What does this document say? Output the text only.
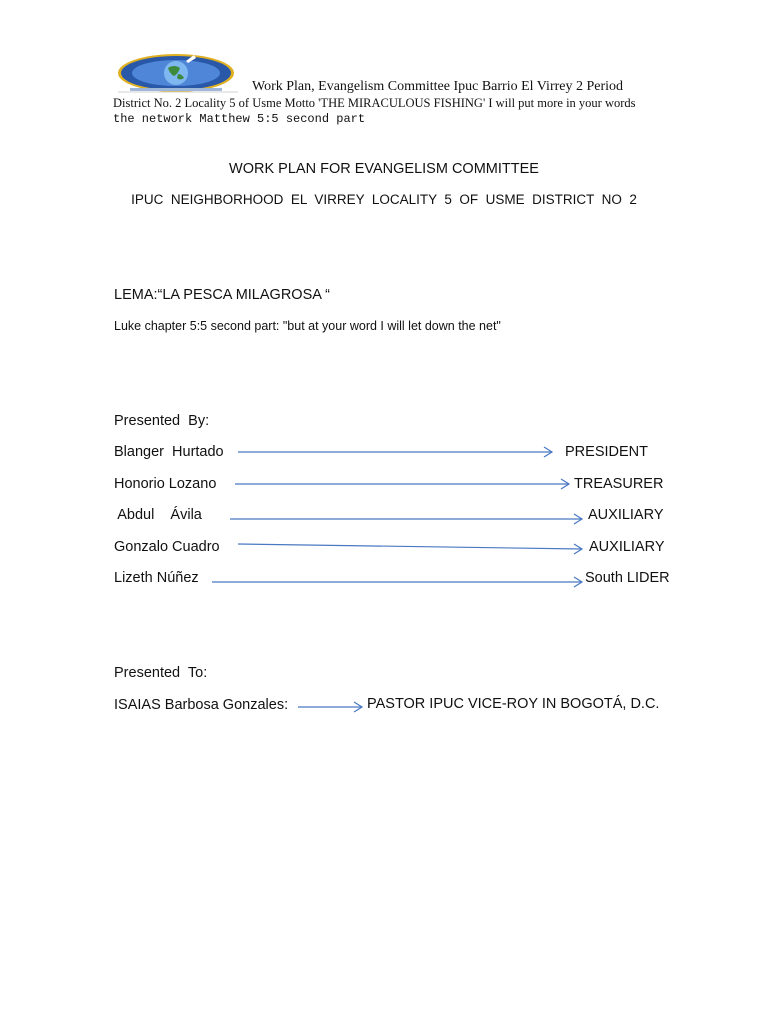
Work Plan, Evangelism Committee Ipuc Barrio El Virrey 2 Period
District No. 2 Locality 5 of Usme Motto 'THE MIRACULOUS FISHING' I will put more in your words
the network Matthew 5:5 second part
WORK PLAN FOR EVANGELISM COMMITTEE
IPUC  NEIGHBORHOOD  EL  VIRREY  LOCALITY  5  OF  USME  DISTRICT  NO  2
LEMA:“LA PESCA MILAGROSA “
Luke chapter 5:5 second part: "but at your word I will let down the net"
Presented  By:
Blanger  Hurtado	PRESIDENT
Honorio Lozano	TREASURER
Abdul    Ávila	AUXILIARY
Gonzalo Cuadro	AUXILIARY
Lizeth Núñez	South LIDER
Presented  To:
ISAIAS Barbosa Gonzales:	PASTOR IPUC VICE-ROY IN BOGOTÁ, D.C.
